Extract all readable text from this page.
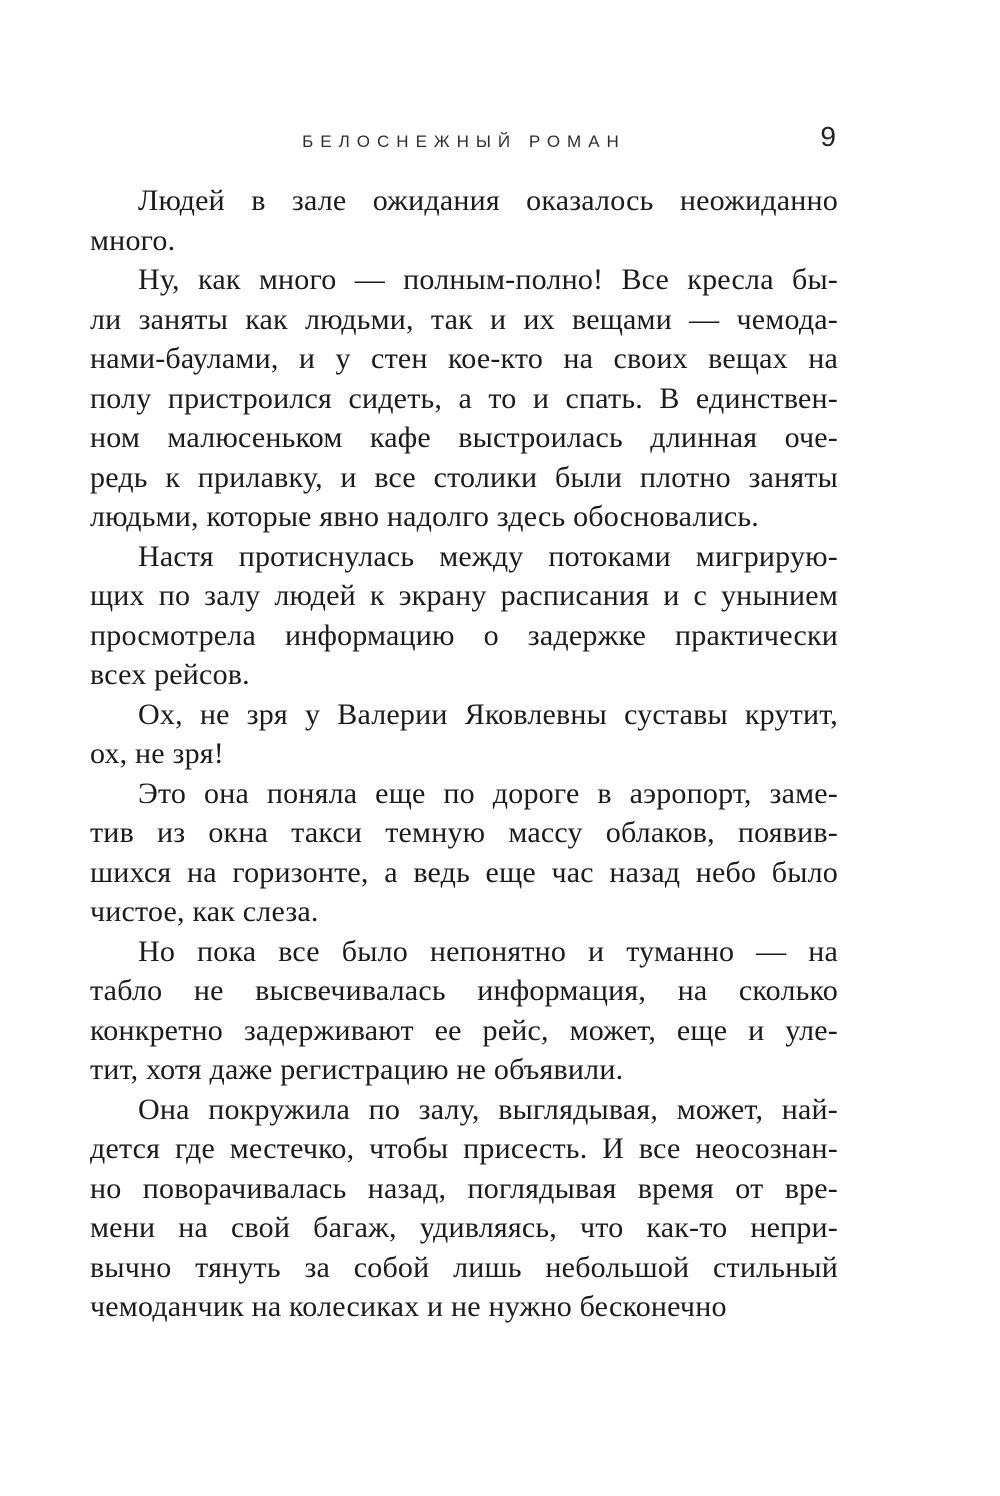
БЕЛОСНЕЖНЫЙ РОМАН	9

Людей в зале ожидания оказалось неожиданно
много.

Ну, как много — полным-полно! Все кресла бы-
ли заняты как людьми, так и их вещами — чемода-
нами-баулами, и у стен кое-кто на своих вещах на
полу пристроился сидеть, а то и спать. В единствен-
ном малюсеньком кафе выстроилась длинная оче-
редь к прилавку, и все столики были плотно заняты
людьми, которые явно надолго здесь обосновались.

Настя протиснулась между потоками мигрирую-
щих по залу людей к экрану расписания и с унынием
просмотрела информацию о задержке практически
всех рейсов.

Ох, не зря у Валерии Яковлевны суставы крутит,
ох, не зря!

Это она поняла еще по дороге в аэропорт, заме-
тив из окна такси темную массу облаков, появив-
шихся на горизонте, а ведь еще час назад небо было
чистое, как слеза.

Но пока все было непонятно и туманно — на
табло не высвечивалась информация, на сколько
конкретно задерживают ее рейс, может, еще и уле-
тит, хотя даже регистрацию не объявили.

Она покружила по залу, выглядывая, может, най-
дется где местечко, чтобы присесть. И все неосознан-
но поворачивалась назад, поглядывая время от вре-
мени на свой багаж, удивляясь, что как-то непри-
вычно тянуть за собой лишь небольшой стильный
чемоданчик на колесиках и не нужно бесконечно
